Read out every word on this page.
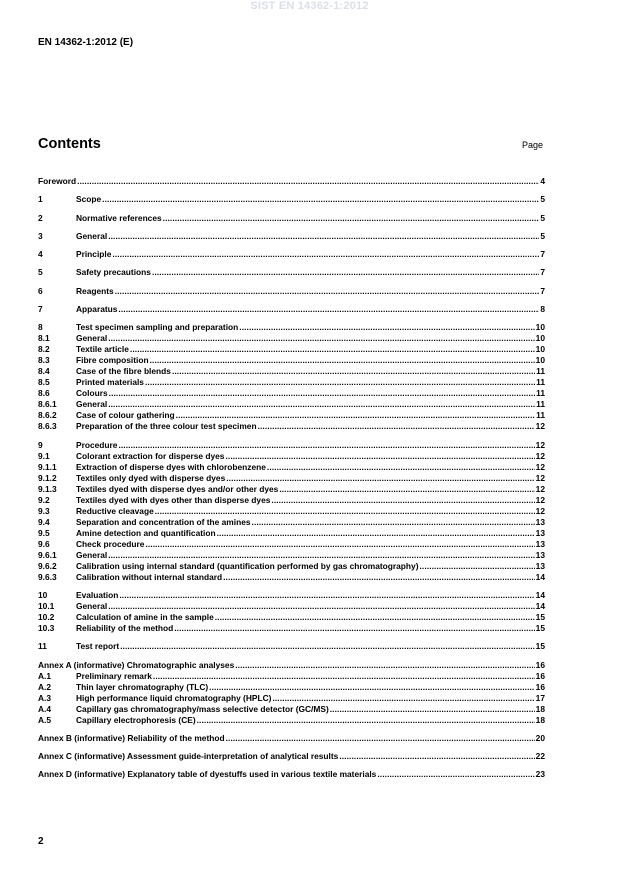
SIST EN 14362-1:2012
EN 14362-1:2012 (E)
Contents	Page
Foreword .....	4
1	Scope .....	5
2	Normative references .....	5
3	General .....	5
4	Principle .....	7
5	Safety precautions .....	7
6	Reagents .....	7
7	Apparatus .....	8
8	Test specimen sampling and preparation .....	10
8.1	General .....	10
8.2	Textile article .....	10
8.3	Fibre composition .....	10
8.4	Case of the fibre blends .....	11
8.5	Printed materials .....	11
8.6	Colours .....	11
8.6.1	General .....	11
8.6.2	Case of colour gathering .....	11
8.6.3	Preparation of the three colour test specimen .....	12
9	Procedure .....	12
9.1	Colorant extraction for disperse dyes .....	12
9.1.1	Extraction of disperse dyes with chlorobenzene .....	12
9.1.2	Textiles only dyed with disperse dyes .....	12
9.1.3	Textiles dyed with disperse dyes and/or other dyes .....	12
9.2	Textiles dyed with dyes other than disperse dyes .....	12
9.3	Reductive cleavage .....	12
9.4	Separation and concentration of the amines .....	13
9.5	Amine detection and quantification .....	13
9.6	Check procedure .....	13
9.6.1	General .....	13
9.6.2	Calibration using internal standard (quantification performed by gas chromatography) .....	13
9.6.3	Calibration without internal standard .....	14
10	Evaluation .....	14
10.1	General .....	14
10.2	Calculation of amine in the sample .....	15
10.3	Reliability of the method .....	15
11	Test report .....	15
Annex A (informative) Chromatographic analyses .....	16
A.1	Preliminary remark .....	16
A.2	Thin layer chromatography (TLC) .....	16
A.3	High performance liquid chromatography (HPLC) .....	17
A.4	Capillary gas chromatography/mass selective detector (GC/MS) .....	18
A.5	Capillary electrophoresis (CE) .....	18
Annex B (informative) Reliability of the method .....	20
Annex C (informative) Assessment guide-interpretation of analytical results .....	22
Annex D (informative) Explanatory table of dyestuffs used in various textile materials .....	23
2
